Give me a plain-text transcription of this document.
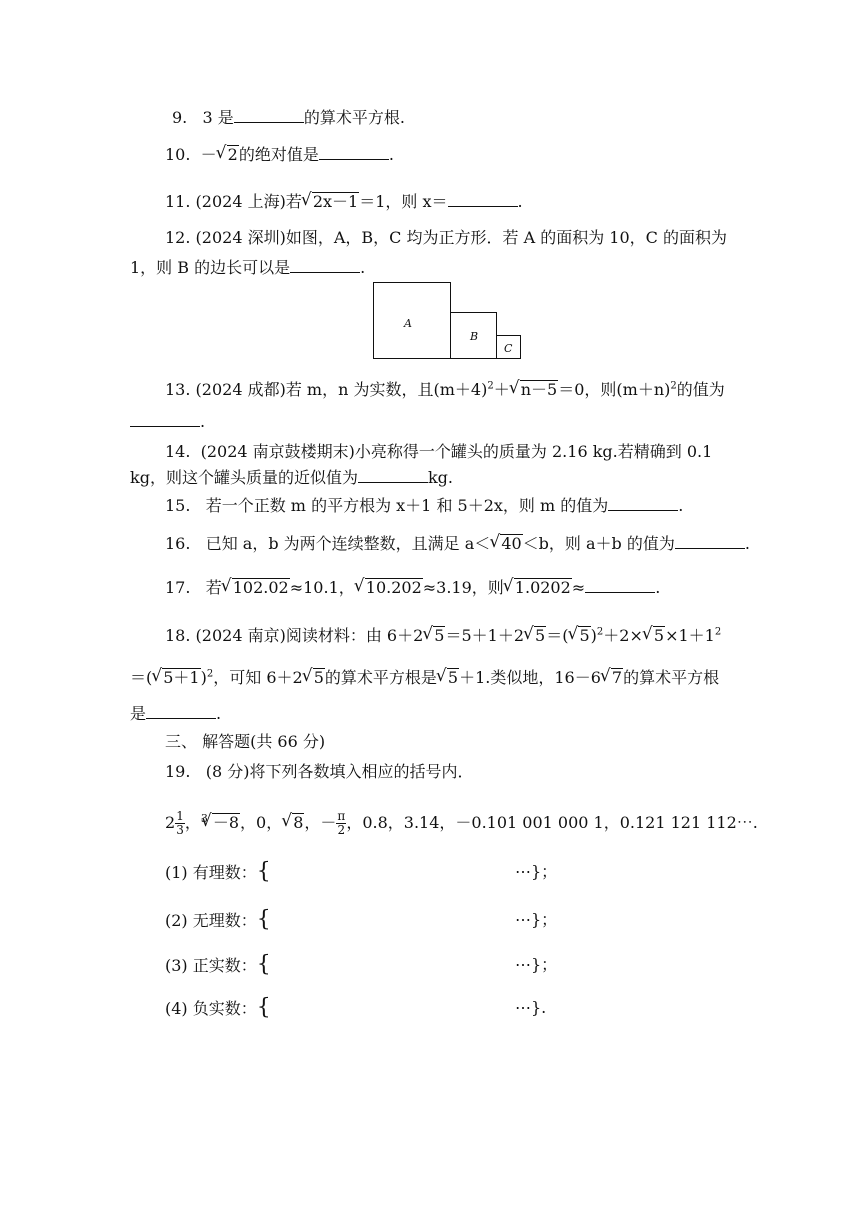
9. 3 是	的算术平方根.
10. －√ 2的绝对值是	.
11. (2024 上海)若√ 2x－1＝1，则 x＝	.
12. (2024 深圳)如图，A，B，C 均为正方形．若 A 的面积为 10，C 的面积为
1，则 B 的边长可以是	.
A
B
C
13. (2024 成都)若 m，n 为实数，且$(m+4)^2+√$ n－5＝0，则$(m+n)^2$的值为
.
14. (2024 南京鼓楼期末)小亮称得一个罐头的质量为 2.16 kg.若精确到 0.1
kg，则这个罐头质量的近似值为	kg.
15. 若一个正数 m 的平方根为 x＋1 和 5＋2x，则 m 的值为	.
16. 已知 a，b 为两个连续整数，且满足 a＜√ 40＜b，则 a＋b 的值为	.
17. 若√ 102.02≈10.1，√ 10.202≈3.19，则√ 1.0202≈	.
18. (2024 南京)阅读材料：由 6＋2√ 5＝5＋1＋2√ 5＝(√ 5)$^2$＋2×√ $5\times 1+1^2$
＝(√ 5＋1)$^2$，可知 6＋2√ 5的算术平方根是√ 5＋1.类似地，16－6√ 7的算术平方根
是	.
三、 解答题(共 66 分)
19. (8 分)将下列各数填入相应的括号内．
$2 \frac{1}{3}$ ，$^3$√ －8，0，√ 8，－ $\frac{\pi}{2}$ ，0.8，3.14，－0.101 001 000 1，0.121 121 112⋯.
(1) 有理数：{	⋯}；
(2) 无理数：{	⋯}；
(3) 正实数：{	⋯}；
(4) 负实数：{	⋯}.
